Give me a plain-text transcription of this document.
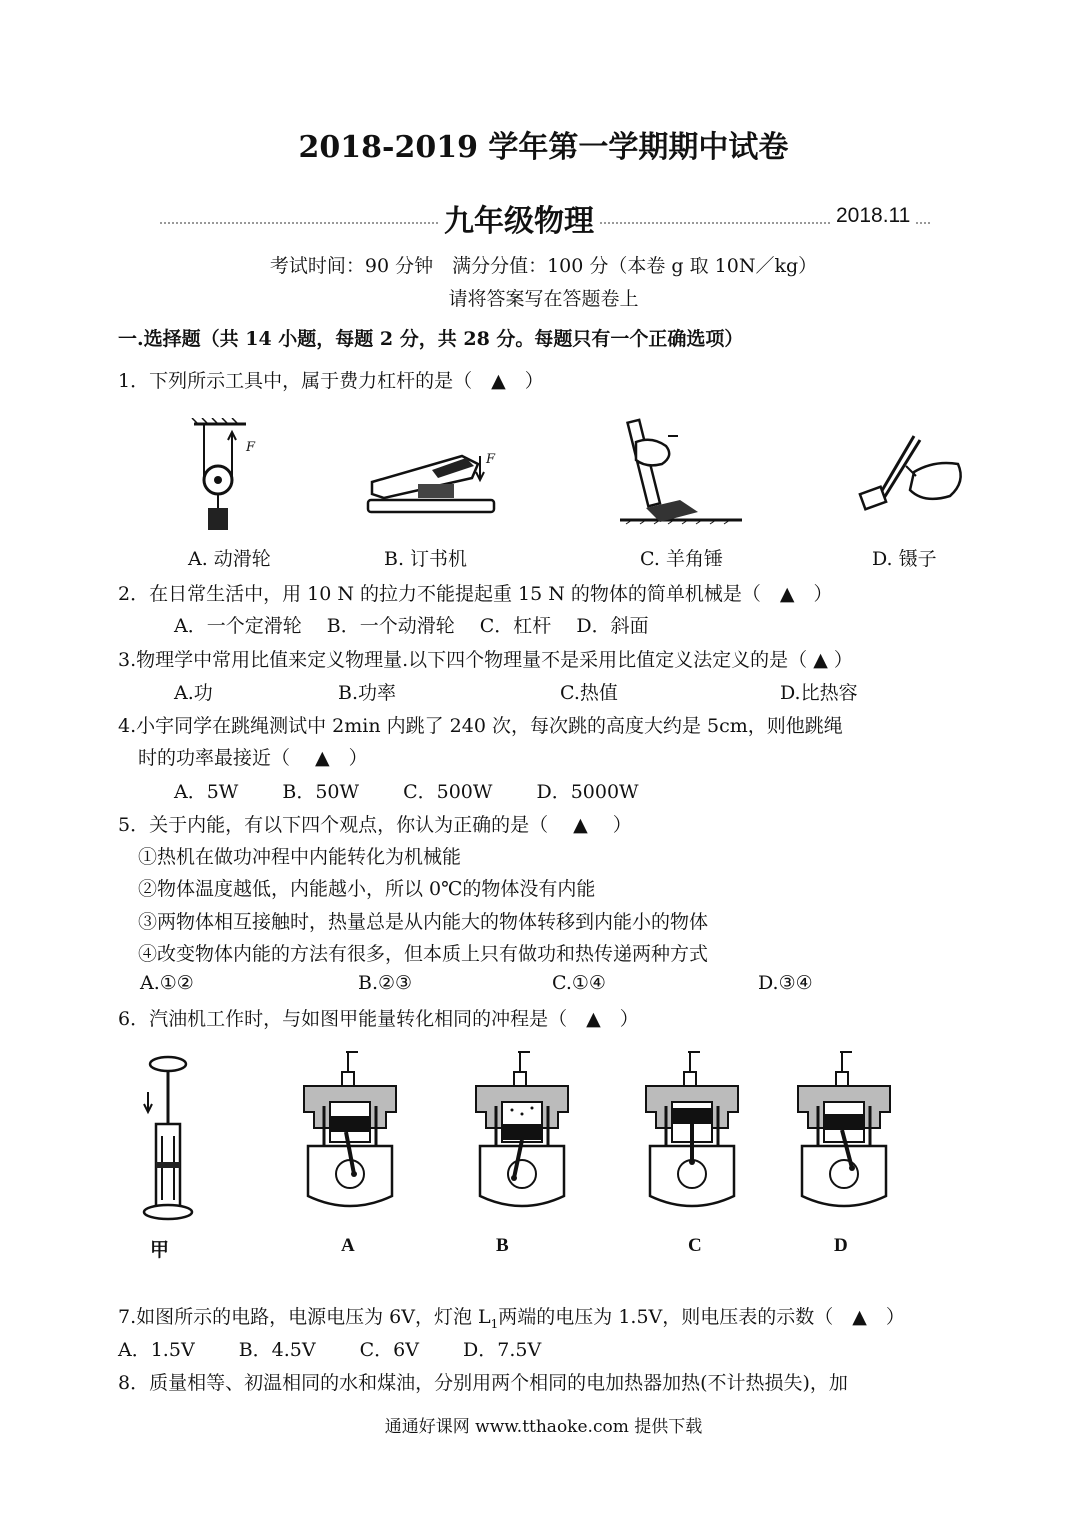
2018-2019 学年第一学期期中试卷
九年级物理	2018.11
考试时间：90 分钟　满分分值：100 分（本卷 g 取 10N／kg）
请将答案写在答题卷上
一.选择题（共 14 小题，每题 2 分，共 28 分。每题只有一个正确选项）
1．下列所示工具中，属于费力杠杆的是（　▲　）
F
F
A. 动滑轮	B. 订书机	C. 羊角锤	D. 镊子
2．在日常生活中，用 10 N 的拉力不能提起重 15 N 的物体的简单机械是（　▲　）
A．一个定滑轮　 B．一个动滑轮　 C．杠杆　 D．斜面
3.物理学中常用比值来定义物理量.以下四个物理量不是采用比值定义法定义的是（ ▲ ）
A.功	B.功率	C.热值	D.比热容
4.小宇同学在跳绳测试中 2min 内跳了 240 次，每次跳的高度大约是 5cm，则他跳绳
时的功率最接近（　 ▲　）
A．5W　　 B．50W　　 C．500W　　 D．5000W
5．关于内能，有以下四个观点，你认为正确的是（　 ▲　 ）
①热机在做功冲程中内能转化为机械能
②物体温度越低，内能越小，所以 0℃的物体没有内能
③两物体相互接触时，热量总是从内能大的物体转移到内能小的物体
④改变物体内能的方法有很多，但本质上只有做功和热传递两种方式
A.①②	B.②③	C.①④	D.③④
6．汽油机工作时，与如图甲能量转化相同的冲程是（　▲　）
甲	A	B	C	D
7.如图所示的电路，电源电压为 6V，灯泡 $L_1$两端的电压为 1.5V，则电压表的示数（　▲　）
A．1.5V　　 B．4.5V　　 C．6V　　 D．7.5V
8．质量相等、初温相同的水和煤油，分别用两个相同的电加热器加热(不计热损失)，加
通通好课网 www.tthaoke.com 提供下载
